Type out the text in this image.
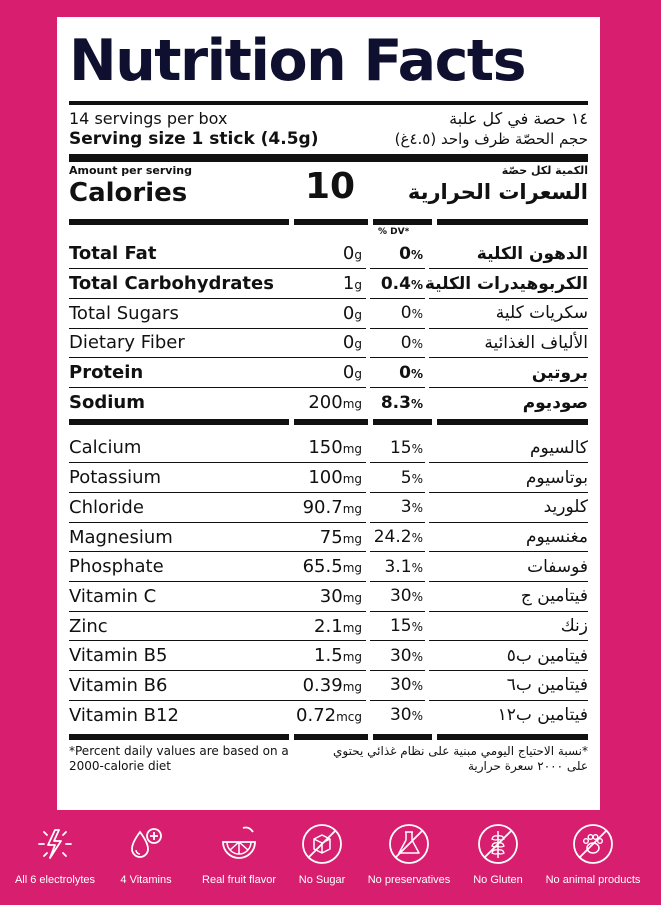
Nutrition Facts
14 servings per box	١٤ حصة في كل علبة
Serving size 1 stick (4.5g)	حجم الحصّة ظرف واحد (٤.٥غ)
Amount per serving	الكمية لكل حصّة
Calories	10	السعرات الحرارية
% DV*
Total Fat	0g	0%	الدهون الكلية
Total Carbohydrates	1g	0.4%	الكربوهيدرات الكلية
Total Sugars	0g	0%	سكريات كلية
Dietary Fiber	0g	0%	الألياف الغذائية
Protein	0g	0%	بروتين
Sodium	200mg	8.3%	صوديوم
Calcium	150mg	15%	كالسيوم
Potassium	100mg	5%	بوتاسيوم
Chloride	90.7mg	3%	كلوريد
Magnesium	75mg	24.2%	مغنسيوم
Phosphate	65.5mg	3.1%	فوسفات
Vitamin C	30mg	30%	فيتامين ج
Zinc	2.1mg	15%	زنك
Vitamin B5	1.5mg	30%	فيتامين ب٥
Vitamin B6	0.39mg	30%	فيتامين ب٦
Vitamin B12	0.72mcg	30%	فيتامين ب١٢
*Percent daily values are based on a 2000-calorie diet
*نسبة الاحتياج اليومي مبنية على نظام غذائي يحتوي على ٢٠٠٠ سعرة حرارية
All 6 electrolytes 4 Vitamins	Real fruit flavor No Sugar No preservatives No Gluten No animal products
